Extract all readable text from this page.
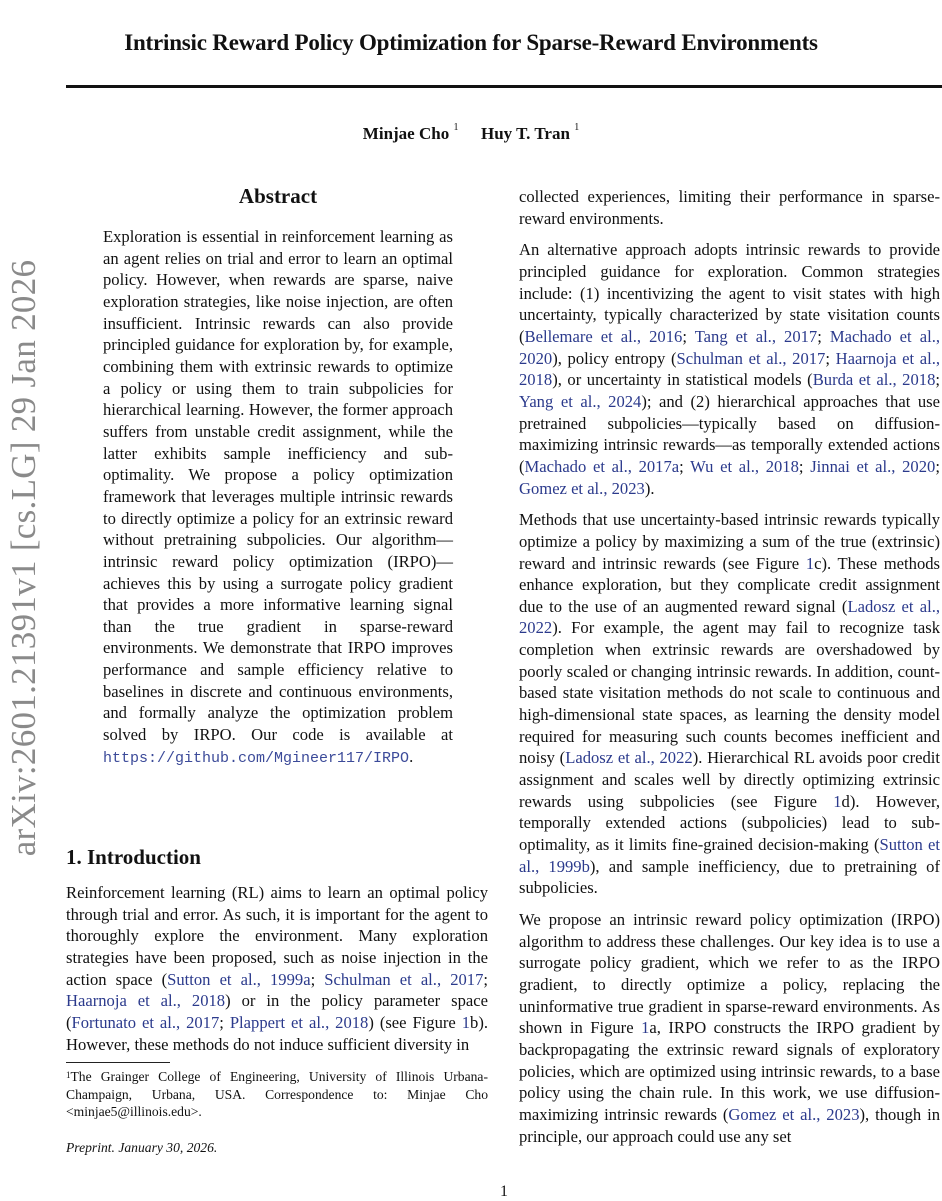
Intrinsic Reward Policy Optimization for Sparse-Reward Environments
Minjae Cho $^1$ Huy T. Tran $^1$
arXiv:2601.21391v1 [cs.LG] 29 Jan 2026
Abstract
Exploration is essential in reinforcement learning as an agent relies on trial and error to learn an optimal policy. However, when rewards are sparse, naive exploration strategies, like noise injection, are often insufficient. Intrinsic rewards can also provide principled guidance for exploration by, for example, combining them with extrinsic rewards to optimize a policy or using them to train subpolicies for hierarchical learning. However, the former approach suffers from unstable credit assignment, while the latter exhibits sample inefficiency and sub-optimality. We propose a policy optimization framework that leverages multiple intrinsic rewards to directly optimize a policy for an extrinsic reward without pretraining subpolicies. Our algorithm—intrinsic reward policy optimization (IRPO)—achieves this by using a surrogate policy gradient that provides a more informative learning signal than the true gradient in sparse-reward environments. We demonstrate that IRPO improves performance and sample efficiency relative to baselines in discrete and continuous environments, and formally analyze the optimization problem solved by IRPO. Our code is available at https://github.com/Mgineer117/IRPO.
1. Introduction
Reinforcement learning (RL) aims to learn an optimal policy through trial and error. As such, it is important for the agent to thoroughly explore the environment. Many exploration strategies have been proposed, such as noise injection in the action space (Sutton et al., 1999a; Schulman et al., 2017; Haarnoja et al., 2018) or in the policy parameter space (Fortunato et al., 2017; Plappert et al., 2018) (see Figure 1b). However, these methods do not induce sufficient diversity in
$^1$The Grainger College of Engineering, University of Illinois Urbana-Champaign, Urbana, USA. Correspondence to: Minjae Cho <minjae5@illinois.edu>.
Preprint. January 30, 2026.

collected experiences, limiting their performance in sparse-reward environments.

An alternative approach adopts intrinsic rewards to provide principled guidance for exploration. Common strategies include: (1) incentivizing the agent to visit states with high uncertainty, typically characterized by state visitation counts (Bellemare et al., 2016; Tang et al., 2017; Machado et al., 2020), policy entropy (Schulman et al., 2017; Haarnoja et al., 2018), or uncertainty in statistical models (Burda et al., 2018; Yang et al., 2024); and (2) hierarchical approaches that use pretrained subpolicies—typically based on diffusion-maximizing intrinsic rewards—as temporally extended actions (Machado et al., 2017a; Wu et al., 2018; Jinnai et al., 2020; Gomez et al., 2023).

Methods that use uncertainty-based intrinsic rewards typically optimize a policy by maximizing a sum of the true (extrinsic) reward and intrinsic rewards (see Figure 1c). These methods enhance exploration, but they complicate credit assignment due to the use of an augmented reward signal (Ladosz et al., 2022). For example, the agent may fail to recognize task completion when extrinsic rewards are overshadowed by poorly scaled or changing intrinsic rewards. In addition, count-based state visitation methods do not scale to continuous and high-dimensional state spaces, as learning the density model required for measuring such counts becomes inefficient and noisy (Ladosz et al., 2022). Hierarchical RL avoids poor credit assignment and scales well by directly optimizing extrinsic rewards using subpolicies (see Figure 1d). However, temporally extended actions (subpolicies) lead to sub-optimality, as it limits fine-grained decision-making (Sutton et al., 1999b), and sample inefficiency, due to pretraining of subpolicies.

We propose an intrinsic reward policy optimization (IRPO) algorithm to address these challenges. Our key idea is to use a surrogate policy gradient, which we refer to as the IRPO gradient, to directly optimize a policy, replacing the uninformative true gradient in sparse-reward environments. As shown in Figure 1a, IRPO constructs the IRPO gradient by backpropagating the extrinsic reward signals of exploratory policies, which are optimized using intrinsic rewards, to a base policy using the chain rule. In this work, we use diffusion-maximizing intrinsic rewards (Gomez et al., 2023), though in principle, our approach could use any set

1
